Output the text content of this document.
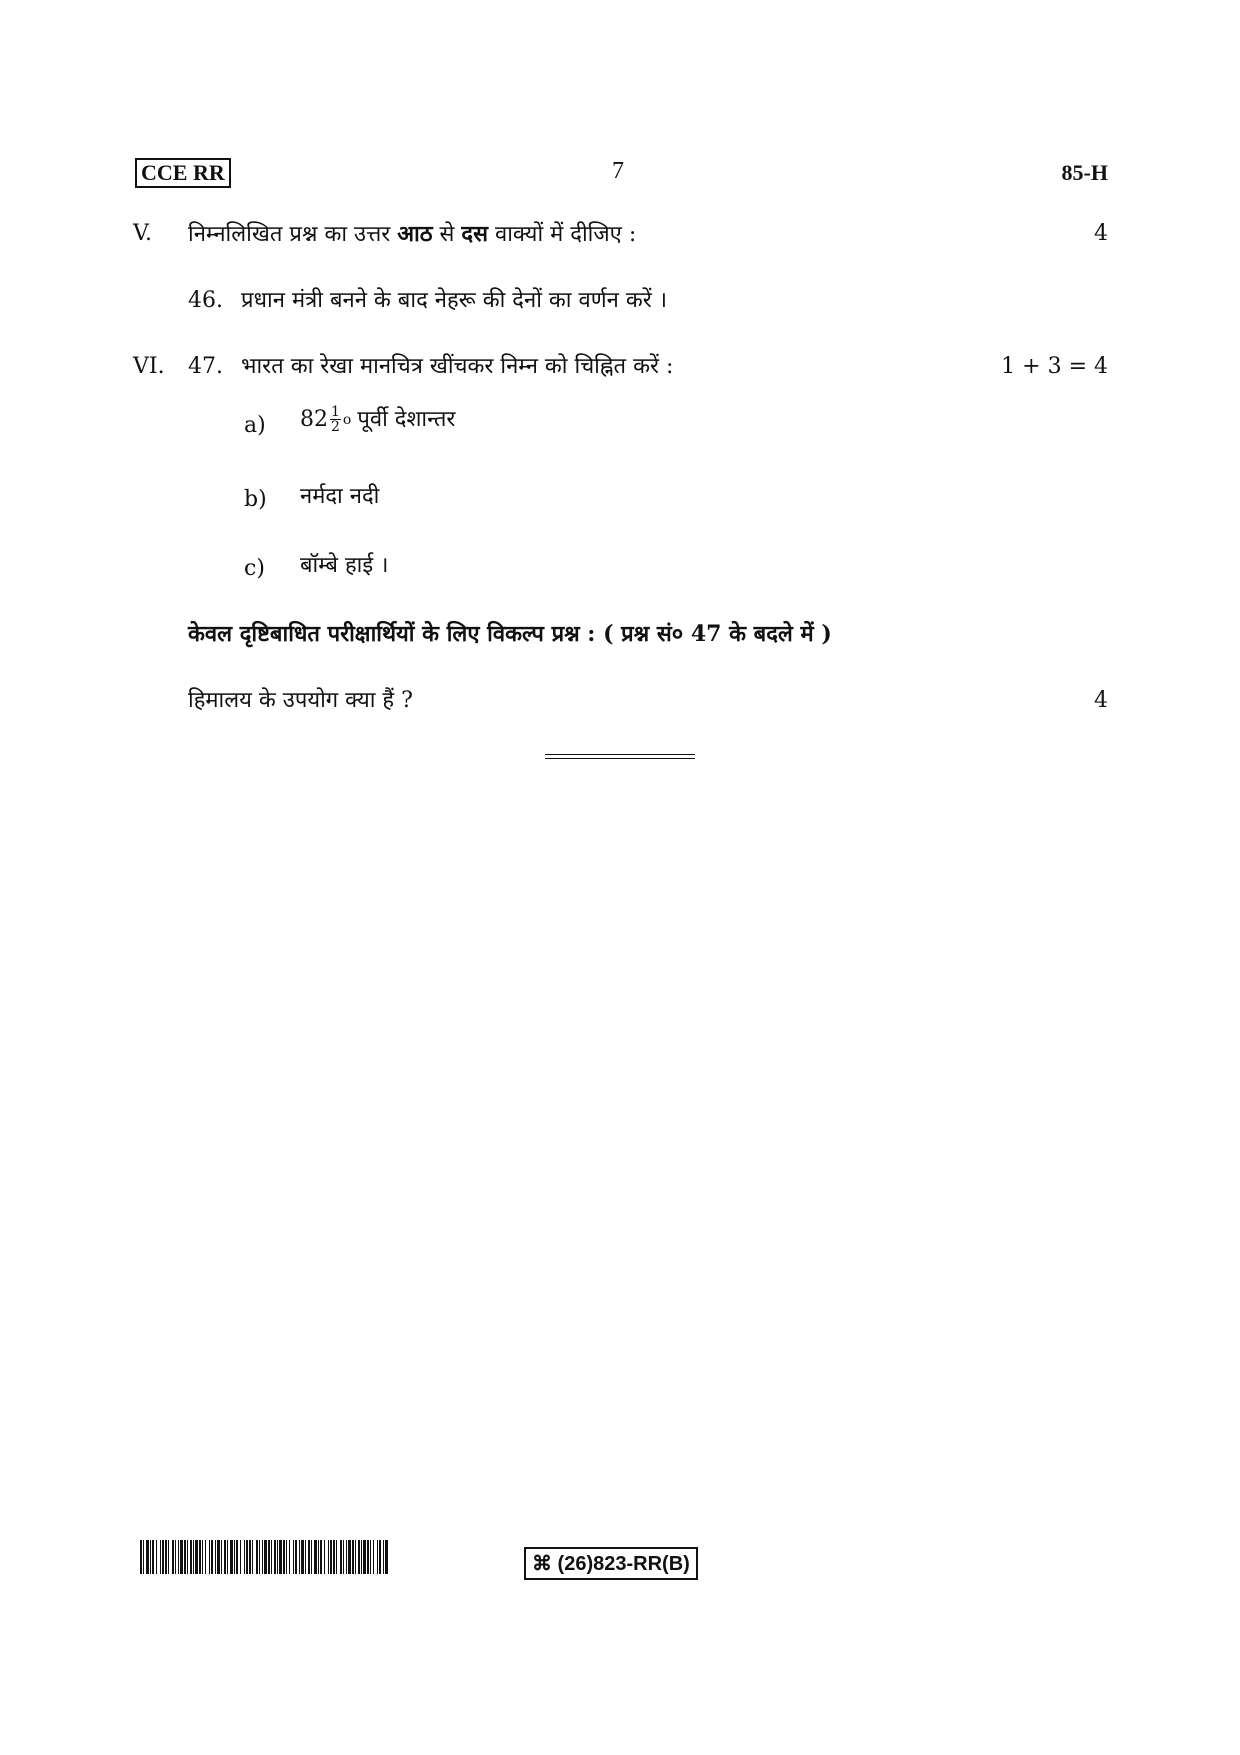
CCE RR	7	85-H
V. निम्नलिखित प्रश्न का उत्तर आठ से दस वाक्यों में दीजिए :	4
46. प्रधान मंत्री बनने के बाद नेहरू की देनों का वर्णन करें ।
VI. 47. भारत का रेखा मानचित्र खींचकर निम्न को चिह्नित करें :	1 + 3 = 4
a) $82 \frac{1}{2}$ o पूर्वी देशान्तर
b) नर्मदा नदी
c) बॉम्बे हाई ।
केवल दृष्टिबाधित परीक्षार्थियों के लिए विकल्प प्रश्न : ( प्रश्न सं० 47 के बदले में )
हिमालय के उपयोग क्या हैं ?	4
⌘ (26)823-RR(B)
